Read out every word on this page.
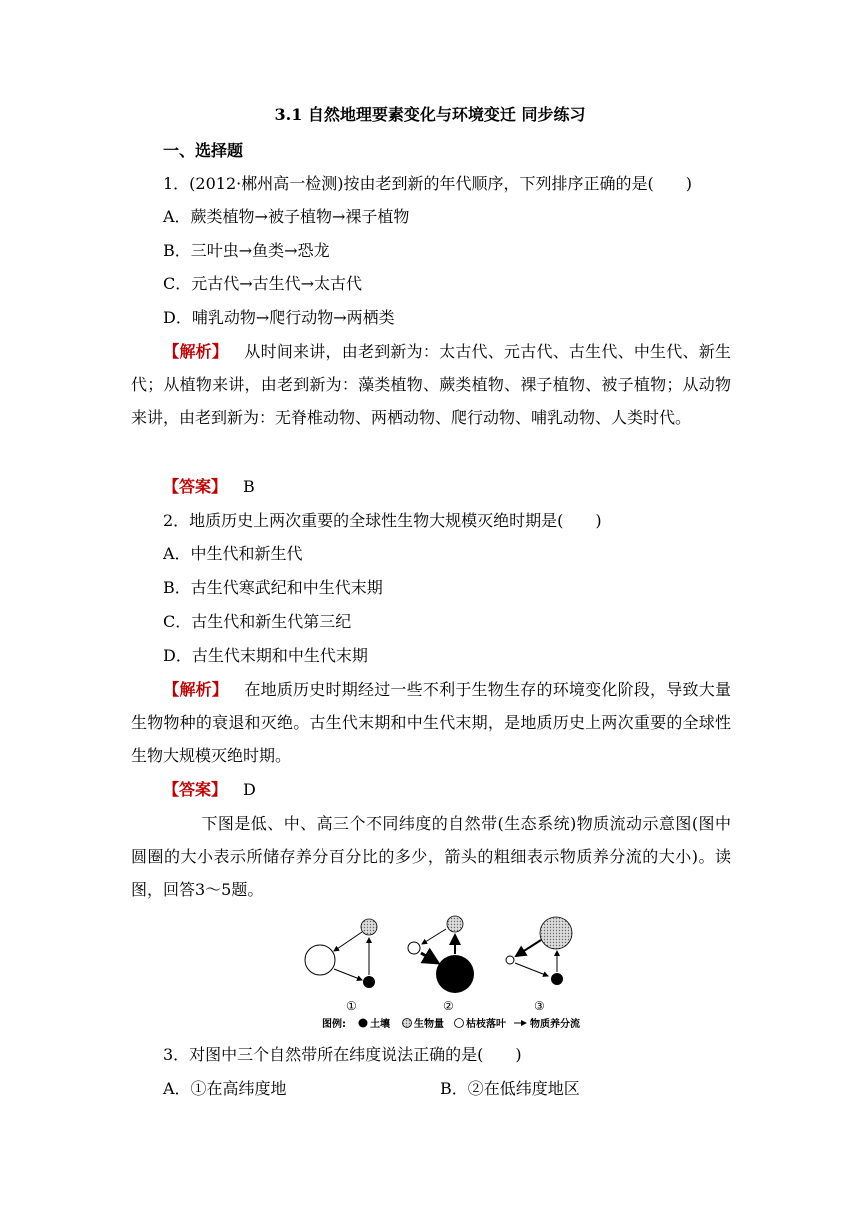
3.1 自然地理要素变化与环境变迁 同步练习
一、选择题
1．(2012·郴州高一检测)按由老到新的年代顺序，下列排序正确的是(　　)
A．蕨类植物→被子植物→裸子植物
B．三叶虫→鱼类→恐龙
C．元古代→古生代→太古代
D．哺乳动物→爬行动物→两栖类
【解析】  从时间来讲，由老到新为：太古代、元古代、古生代、中生代、新生代；从植物来讲，由老到新为：藻类植物、蕨类植物、裸子植物、被子植物；从动物来讲，由老到新为：无脊椎动物、两栖动物、爬行动物、哺乳动物、人类时代。
【答案】  B
2．地质历史上两次重要的全球性生物大规模灭绝时期是(　　)
A．中生代和新生代
B．古生代寒武纪和中生代末期
C．古生代和新生代第三纪
D．古生代末期和中生代末期
【解析】  在地质历史时期经过一些不利于生物生存的环境变化阶段，导致大量生物物种的衰退和灭绝。古生代末期和中生代末期，是地质历史上两次重要的全球性生物大规模灭绝时期。
【答案】  D
下图是低、中、高三个不同纬度的自然带(生态系统)物质流动示意图(图中圆圈的大小表示所储存养分百分比的多少，箭头的粗细表示物质养分流的大小)。读图，回答3～5题。
①	②	③
图例: 土壤 生物量 枯枝落叶 物质养分流
3．对图中三个自然带所在纬度说法正确的是(　　)
A．①在高纬度地	B．②在低纬度地区
